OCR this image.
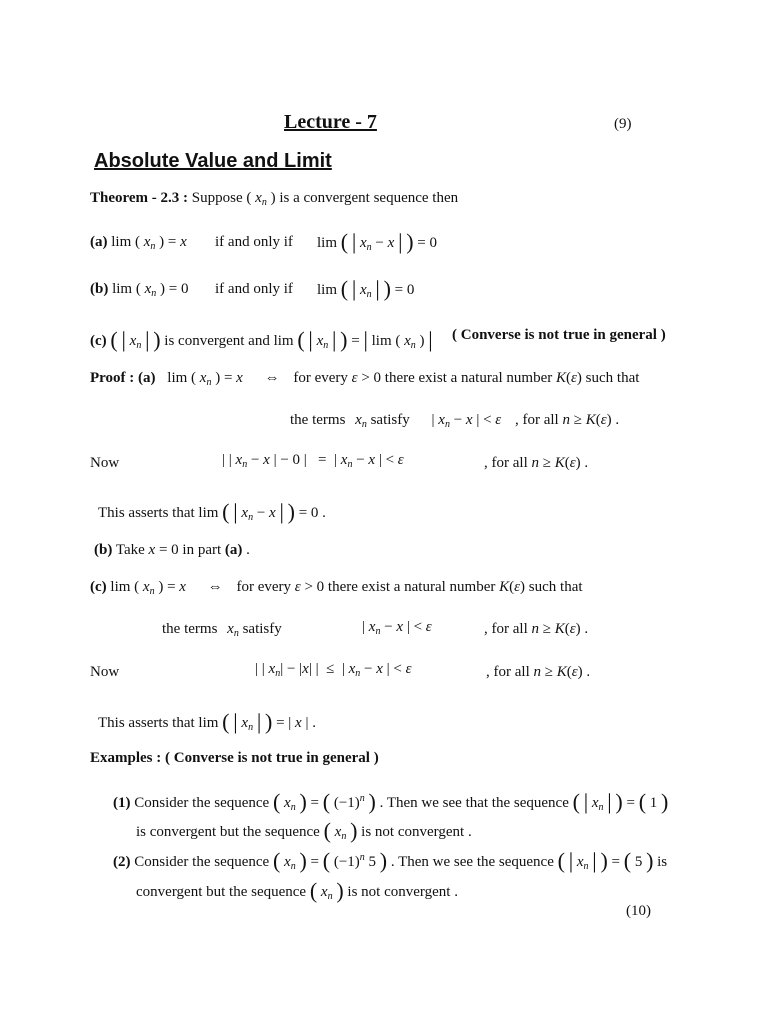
Lecture - 7	(9)
Absolute Value and Limit
Theorem - 2.3 : Suppose ( $x_n$ ) is a convergent sequence then
(a) lim ( $x_n$ ) = x if and only if lim ( | $x_n - x$ | ) = 0
(b) lim ( $x_n$ ) = 0 if and only if lim ( | $x_n$ | ) = 0
(c) ( | $x_n$ | ) is convergent and lim ( | $x_n$ | ) = | lim ( $x_n$ ) | ( Converse is not true in general )
Proof : (a) lim ( $x_n$ ) = x ⇔ for every ε > 0 there exist a natural number K(ε) such that
the terms $x_n$ satisfy | $x_n - x$ | < ε , for all n ≥ K(ε) .
Now	| | $x_n - x$ | − 0 |   =  | $x_n - x$ | < ε	, for all n ≥ K(ε) .
This asserts that lim ( | $x_n - x$ | ) = 0 .
(b) Take x = 0 in part (a) .
(c) lim ( $x_n$ ) = x ⇔ for every ε > 0 there exist a natural number K(ε) such that
the terms $x_n$ satisfy	| $x_n - x$ | < ε	, for all n ≥ K(ε) .
Now	| | $x_n| - |x|$ |  ≤  | $x_n - x$ | < ε	, for all n ≥ K(ε) .
This asserts that lim ( | $x_n$ | ) = | x | .
Examples : ( Converse is not true in general )
(1) Consider the sequence ( $x_n$ ) = ( $(-1)^n$ ) . Then we see that the sequence ( | $x_n$ | ) = ( 1 )
is convergent but the sequence ( $x_n$ ) is not convergent .
(2) Consider the sequence ( $x_n$ ) = ( $(-1)^n$ 5 ) . Then we see the sequence ( | $x_n$ | ) = ( 5 ) is
convergent but the sequence ( $x_n$ ) is not convergent .
(10)
